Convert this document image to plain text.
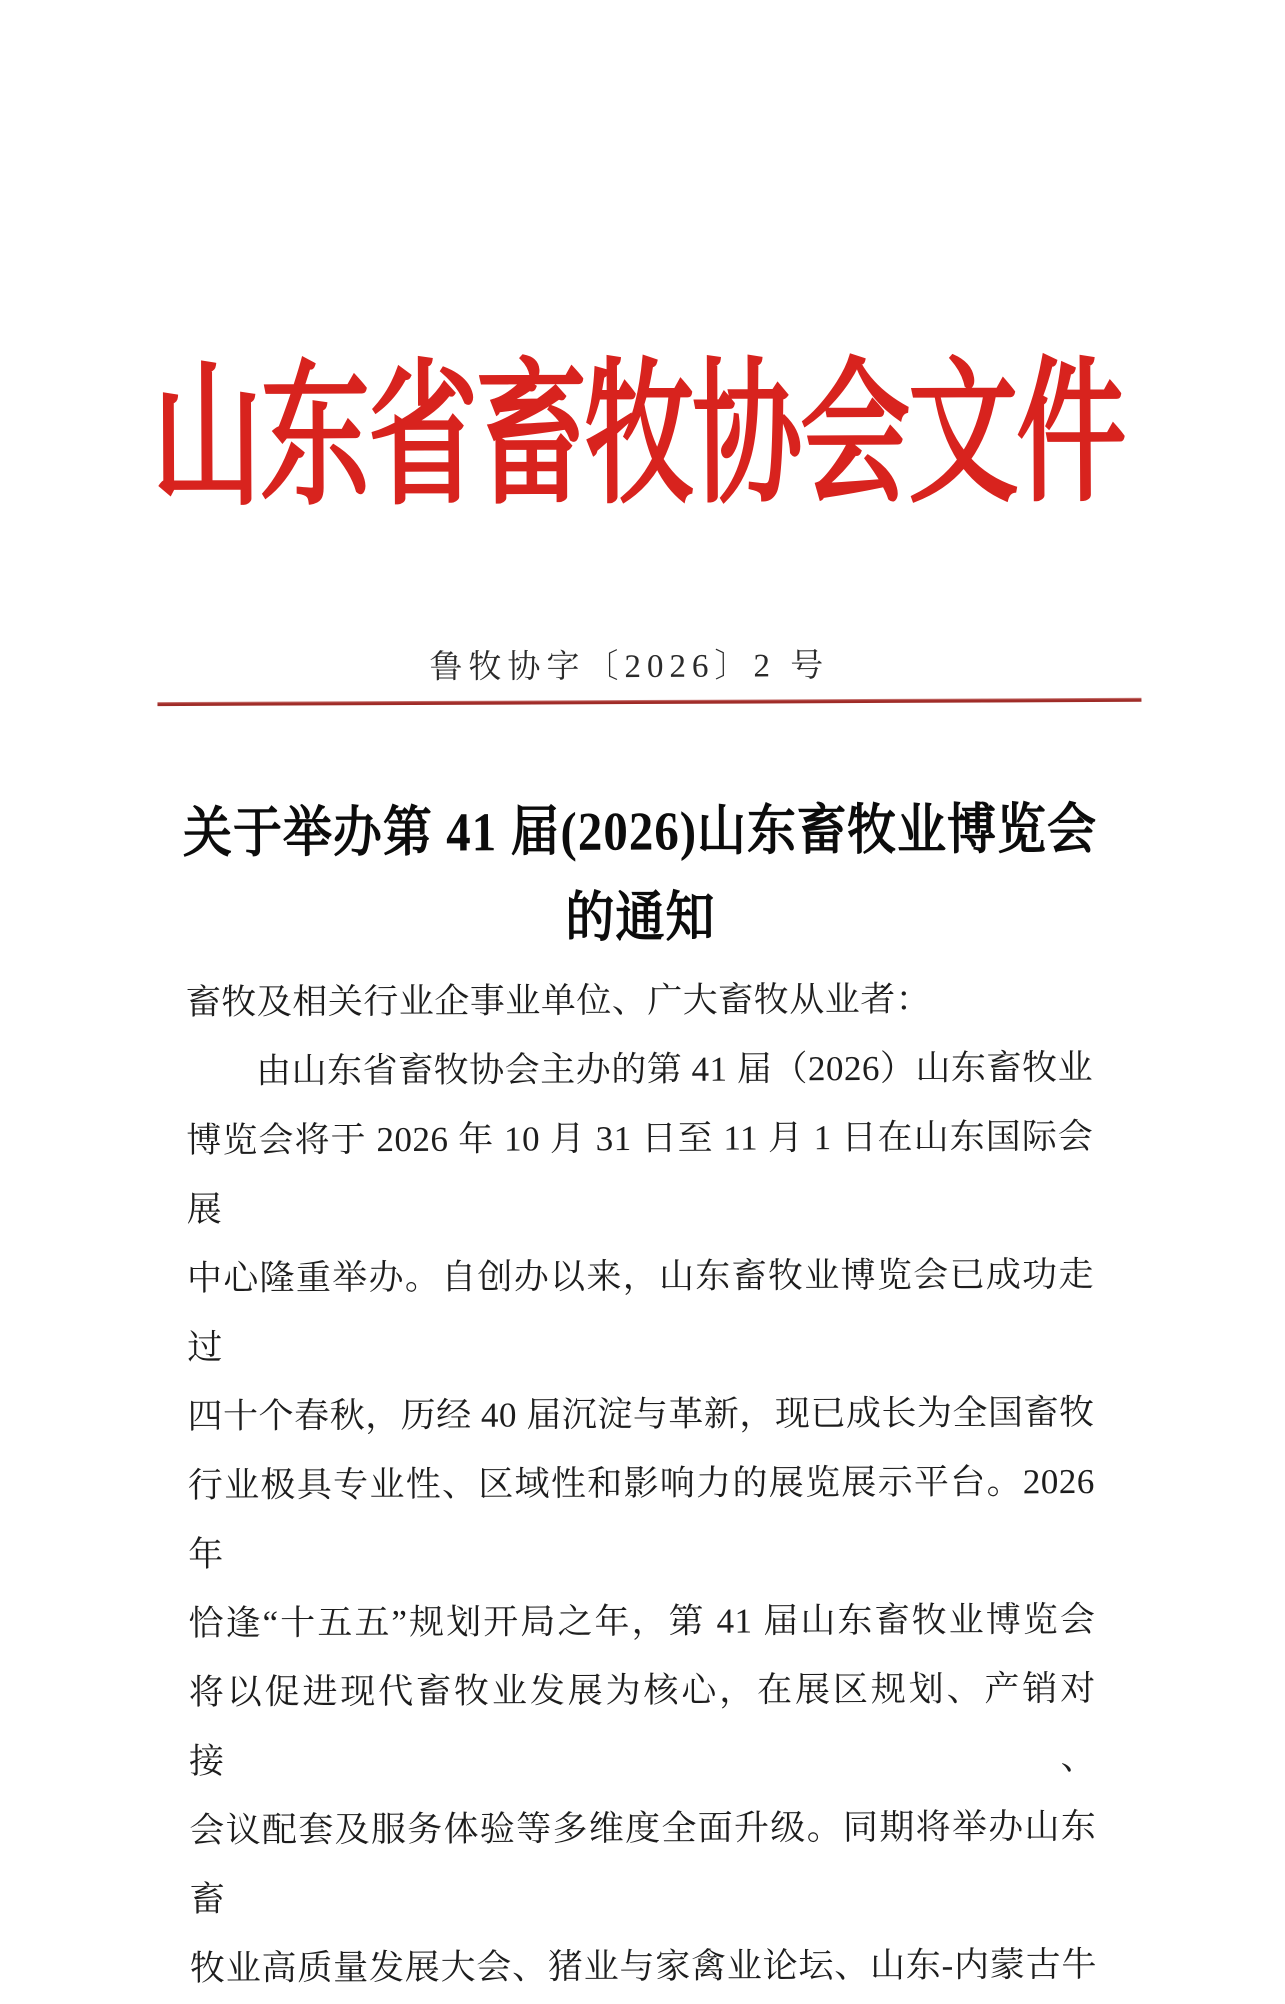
山东省畜牧协会文件
鲁牧协字〔2026〕2 号
关于举办第 41 届(2026)山东畜牧业博览会
的通知

畜牧及相关行业企事业单位、广大畜牧从业者：

由山东省畜牧协会主办的第 41 届（2026）山东畜牧业

博览会将于 2026 年 10 月 31 日至 11 月 1 日在山东国际会展

中心隆重举办。自创办以来，山东畜牧业博览会已成功走过

四十个春秋，历经 40 届沉淀与革新，现已成长为全国畜牧

行业极具专业性、区域性和影响力的展览展示平台。2026 年

恰逢“十五五”规划开局之年，第 41 届山东畜牧业博览会

将以促进现代畜牧业发展为核心，在展区规划、产销对接、

会议配套及服务体验等多维度全面升级。同期将举办山东畜

牧业高质量发展大会、猪业与家禽业论坛、山东-内蒙古牛
